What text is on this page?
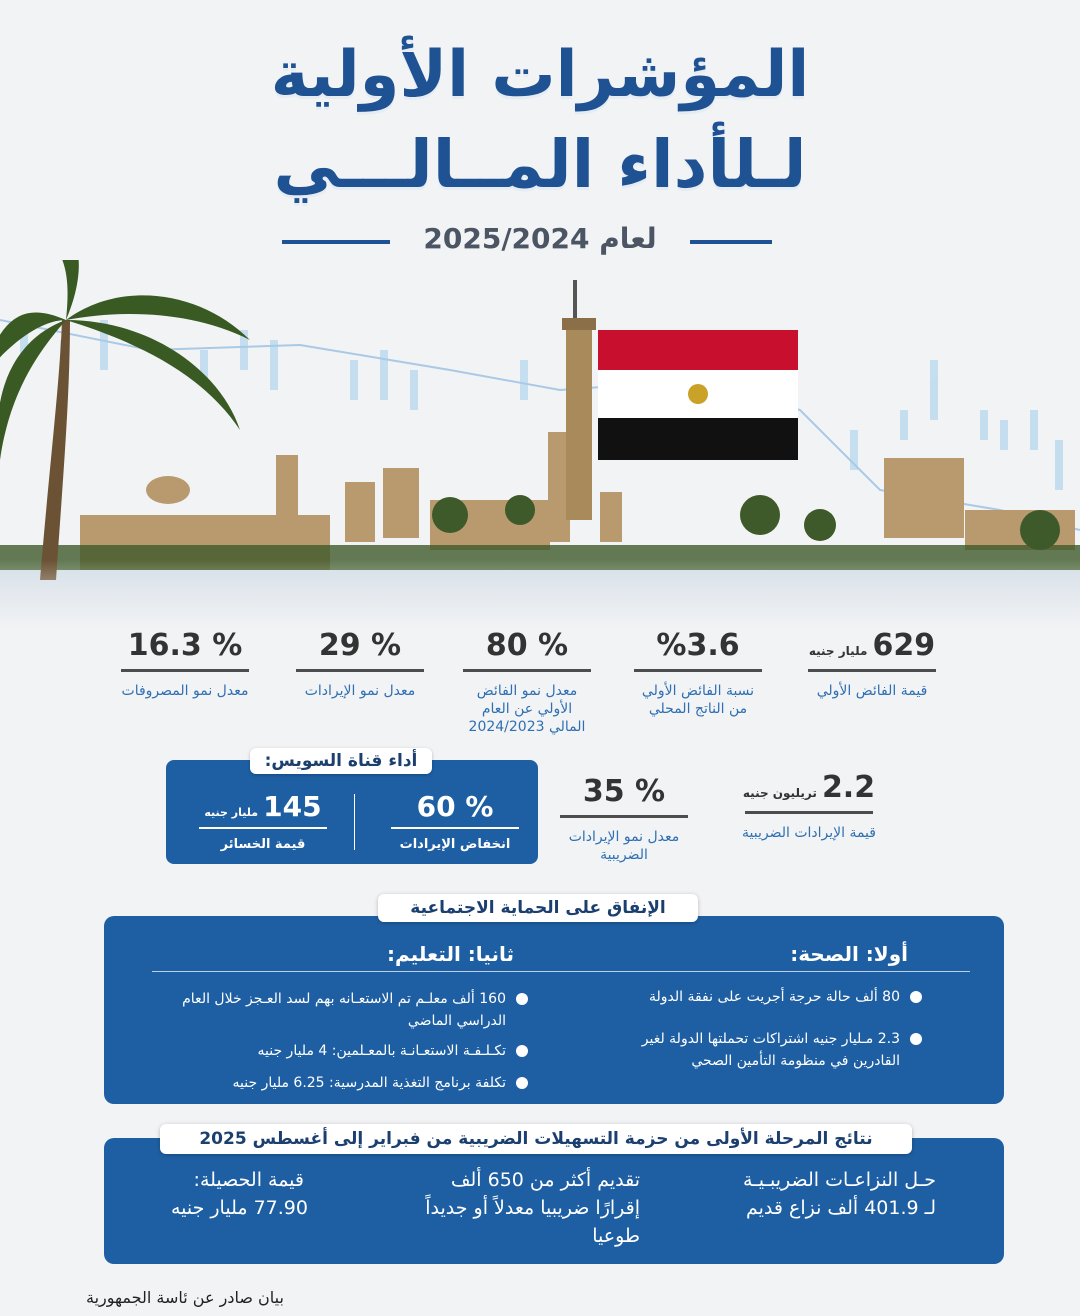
المؤشرات الأولية
لـلأداء المــالـــي
لعام 2025/2024
629 مليار جنيه
قيمة الفائض الأولي
%3.6
نسبة الفائض الأولي من الناتج المحلي
% 80
معدل نمو الفائض الأولي عن العام المالي 2024/2023
% 29
معدل نمو الإيرادات
% 16.3
معدل نمو المصروفات
2.2 تريليون جنيه
قيمة الإيرادات الضريبية
% 35
معدل نمو الإيرادات الضريبية
% 60
انخفاض الإيرادات
145 مليار جنيه
قيمة الخسائر
أداء قناة السويس:
أولا: الصحة:
ثانيا: التعليم:
80 ألف حالة حرجة أجريت على نفقة الدولة
2.3 مـليار جنيه اشتراكات تحملتها الدولة لغير القادرين في منظومة التأمين الصحي
160 ألف معلـم تم الاستعـانه بهم لسد العـجز خلال العام الدراسي الماضي
تكـلـفـة الاستعـانـة بالمعـلمين: 4 مليار جنيه
تكلفة برنامج التغذية المدرسية: 6.25 مليار جنيه
الإنفاق على الحماية الاجتماعية
حـل النزاعـات الضريبـيـة لـ 401.9 ألف نزاع قديم
تقديم أكثر من 650 ألف إقرارًا ضريبيا معدلاً أو جديداً طوعيا
قيمة الحصيلة:
77.90 مليار جنيه
نتائج المرحلة الأولى من حزمة التسهيلات الضريبية من فبراير إلى أغسطس 2025
بيان صادر عن ئاسة الجمهورية
